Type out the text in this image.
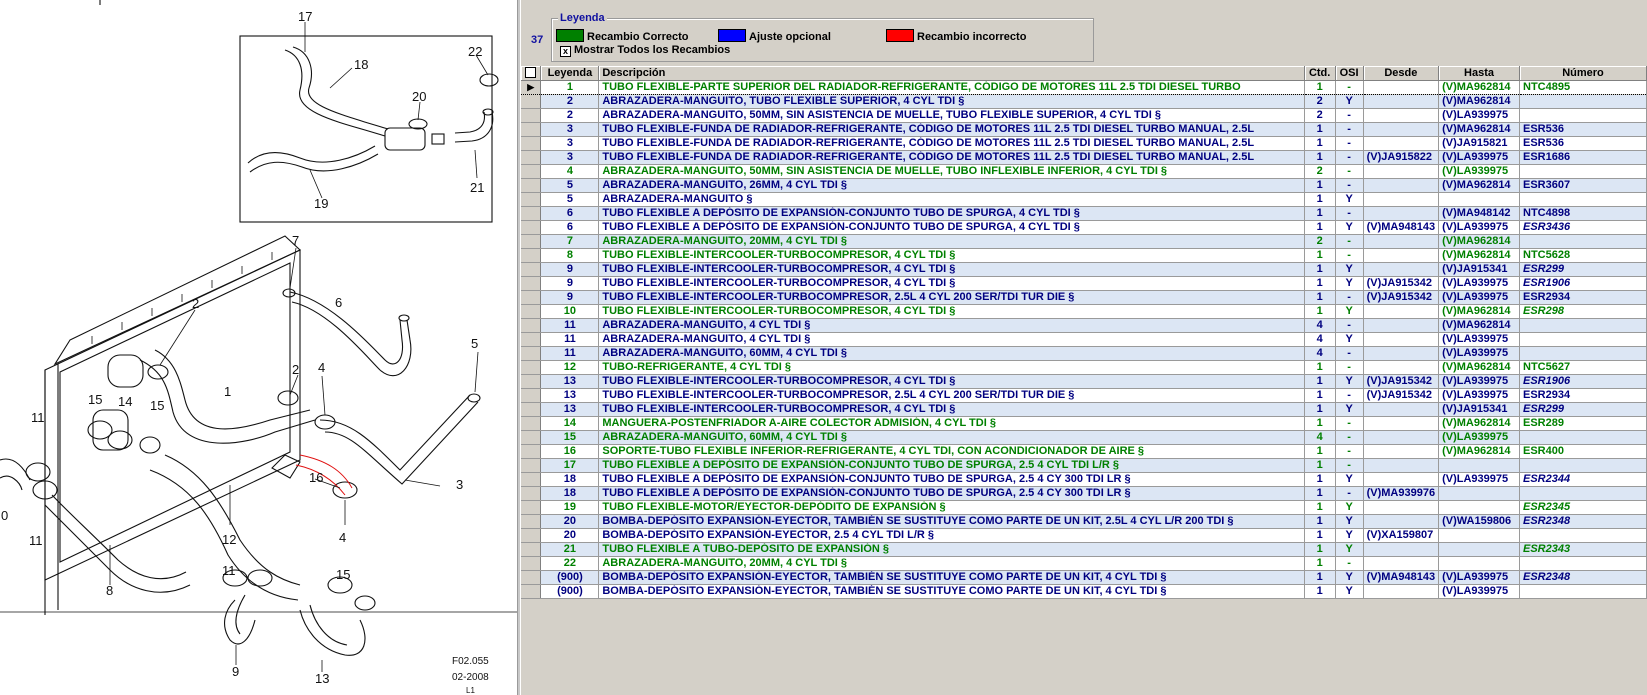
17
18
22
20
21
19
7
6
2
5
1
2 4
15 14 15
11
0
11
16	3
4
12
8
11	15
9	13
F02.055
02-2008
L1
37
Leyenda
Recambio Correcto	Ajuste opcional	Recambio incorrecto
x Mostrar Todos los Recambios
	Leyenda	Descripción	Ctd.	OSI	Desde	Hasta	Número
▶	1	TUBO FLEXIBLE-PARTE SUPERIOR DEL RADIADOR-REFRIGERANTE, CÓDIGO DE MOTORES 11L 2.5 TDI DIESEL TURBO	1	-		(V)MA962814	NTC4895
	2	ABRAZADERA-MANGUITO, TUBO FLEXIBLE SUPERIOR, 4 CYL TDI §	2	Y		(V)MA962814	
	2	ABRAZADERA-MANGUITO, 50MM, SIN ASISTENCIA DE MUELLE, TUBO FLEXIBLE SUPERIOR, 4 CYL TDI §	2	-		(V)LA939975	
	3	TUBO FLEXIBLE-FUNDA DE RADIADOR-REFRIGERANTE, CÓDIGO DE MOTORES 11L 2.5 TDI DIESEL TURBO MANUAL, 2.5L	1	-		(V)MA962814	ESR536
	3	TUBO FLEXIBLE-FUNDA DE RADIADOR-REFRIGERANTE, CÓDIGO DE MOTORES 11L 2.5 TDI DIESEL TURBO MANUAL, 2.5L	1	-		(V)JA915821	ESR536
	3	TUBO FLEXIBLE-FUNDA DE RADIADOR-REFRIGERANTE, CÓDIGO DE MOTORES 11L 2.5 TDI DIESEL TURBO MANUAL, 2.5L	1	-	(V)JA915822	(V)LA939975	ESR1686
	4	ABRAZADERA-MANGUITO, 50MM, SIN ASISTENCIA DE MUELLE, TUBO INFLEXIBLE INFERIOR, 4 CYL TDI §	2	-		(V)LA939975	
	5	ABRAZADERA-MANGUITO, 26MM, 4 CYL TDI §	1	-		(V)MA962814	ESR3607
	5	ABRAZADERA-MANGUITO §	1	Y			
	6	TUBO FLEXIBLE A DEPÓSITO DE EXPANSIÓN-CONJUNTO TUBO DE SPURGA, 4 CYL TDI §	1	-		(V)MA948142	NTC4898
	6	TUBO FLEXIBLE A DEPÓSITO DE EXPANSIÓN-CONJUNTO TUBO DE SPURGA, 4 CYL TDI §	1	Y	(V)MA948143	(V)LA939975	ESR3436
	7	ABRAZADERA-MANGUITO, 20MM, 4 CYL TDI §	2	-		(V)MA962814	
	8	TUBO FLEXIBLE-INTERCOOLER-TURBOCOMPRESOR, 4 CYL TDI §	1	-		(V)MA962814	NTC5628
	9	TUBO FLEXIBLE-INTERCOOLER-TURBOCOMPRESOR, 4 CYL TDI §	1	Y		(V)JA915341	ESR299
	9	TUBO FLEXIBLE-INTERCOOLER-TURBOCOMPRESOR, 4 CYL TDI §	1	Y	(V)JA915342	(V)LA939975	ESR1906
	9	TUBO FLEXIBLE-INTERCOOLER-TURBOCOMPRESOR, 2.5L 4 CYL 200 SER/TDI TUR DIE §	1	-	(V)JA915342	(V)LA939975	ESR2934
	10	TUBO FLEXIBLE-INTERCOOLER-TURBOCOMPRESOR, 4 CYL TDI §	1	Y		(V)MA962814	ESR298
	11	ABRAZADERA-MANGUITO, 4 CYL TDI §	4	-		(V)MA962814	
	11	ABRAZADERA-MANGUITO, 4 CYL TDI §	4	Y		(V)LA939975	
	11	ABRAZADERA-MANGUITO, 60MM, 4 CYL TDI §	4	-		(V)LA939975	
	12	TUBO-REFRIGERANTE, 4 CYL TDI §	1	-		(V)MA962814	NTC5627
	13	TUBO FLEXIBLE-INTERCOOLER-TURBOCOMPRESOR, 4 CYL TDI §	1	Y	(V)JA915342	(V)LA939975	ESR1906
	13	TUBO FLEXIBLE-INTERCOOLER-TURBOCOMPRESOR, 2.5L 4 CYL 200 SER/TDI TUR DIE §	1	-	(V)JA915342	(V)LA939975	ESR2934
	13	TUBO FLEXIBLE-INTERCOOLER-TURBOCOMPRESOR, 4 CYL TDI §	1	Y		(V)JA915341	ESR299
	14	MANGUERA-POSTENFRIADOR A-AIRE COLECTOR ADMISIÓN, 4 CYL TDI §	1	-		(V)MA962814	ESR289
	15	ABRAZADERA-MANGUITO, 60MM, 4 CYL TDI §	4	-		(V)LA939975	
	16	SOPORTE-TUBO FLEXIBLE INFERIOR-REFRIGERANTE, 4 CYL TDI, CON ACONDICIONADOR DE AIRE §	1	-		(V)MA962814	ESR400
	17	TUBO FLEXIBLE A DEPÓSITO DE EXPANSIÓN-CONJUNTO TUBO DE SPURGA, 2.5 4 CYL TDI L/R §	1	-			
	18	TUBO FLEXIBLE A DEPÓSITO DE EXPANSIÓN-CONJUNTO TUBO DE SPURGA, 2.5 4 CY 300 TDI LR §	1	Y		(V)LA939975	ESR2344
	18	TUBO FLEXIBLE A DEPÓSITO DE EXPANSIÓN-CONJUNTO TUBO DE SPURGA, 2.5 4 CY 300 TDI LR §	1	-	(V)MA939976		
	19	TUBO FLEXIBLE-MOTOR/EYECTOR-DEPÓDITO DE EXPANSIÓN §	1	Y			ESR2345
	20	BOMBA-DEPÓSITO EXPANSIÓN-EYECTOR, TAMBIÉN SE SUSTITUYE COMO PARTE DE UN KIT, 2.5L 4 CYL L/R 200 TDI §	1	Y		(V)WA159806	ESR2348
	20	BOMBA-DEPÓSITO EXPANSIÓN-EYECTOR, 2.5 4 CYL TDI L/R §	1	Y	(V)XA159807		
	21	TUBO FLEXIBLE A TUBO-DEPÓSITO DE EXPANSIÓN §	1	Y			ESR2343
	22	ABRAZADERA-MANGUITO, 20MM, 4 CYL TDI §	1	-			
	(900)	BOMBA-DEPÓSITO EXPANSIÓN-EYECTOR, TAMBIÉN SE SUSTITUYE COMO PARTE DE UN KIT, 4 CYL TDI §	1	Y	(V)MA948143	(V)LA939975	ESR2348
	(900)	BOMBA-DEPÓSITO EXPANSIÓN-EYECTOR, TAMBIÉN SE SUSTITUYE COMO PARTE DE UN KIT, 4 CYL TDI §	1	Y		(V)LA939975	
